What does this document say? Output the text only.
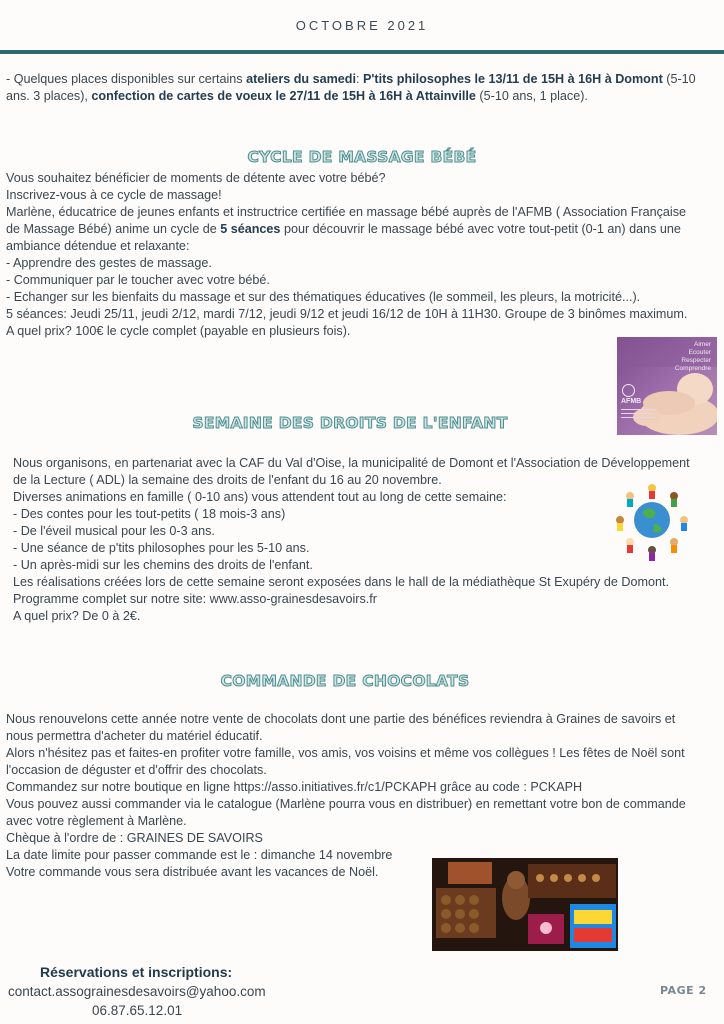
OCTOBRE 2021
- Quelques places disponibles sur certains ateliers du samedi: P'tits philosophes le 13/11 de 15H à 16H à Domont (5-10
ans. 3 places), confection de cartes de voeux le 27/11 de 15H à 16H à Attainville (5-10 ans, 1 place).
CYCLE DE MASSAGE BÉBÉ
Vous souhaitez bénéficier de moments de détente avec votre bébé?
Inscrivez-vous à ce cycle de massage!
Marlène, éducatrice de jeunes enfants et instructrice certifiée en massage bébé auprès de l'AFMB ( Association Française
de Massage Bébé) anime un cycle de 5 séances pour découvrir le massage bébé avec votre tout-petit (0-1 an) dans une
ambiance détendue et relaxante:
- Apprendre des gestes de massage.
- Communiquer par le toucher avec votre bébé.
- Echanger sur les bienfaits du massage et sur des thématiques éducatives (le sommeil, les pleurs, la motricité...).
5 séances: Jeudi 25/11, jeudi 2/12, mardi 7/12, jeudi 9/12 et jeudi 16/12 de 10H à 11H30. Groupe de 3 binômes maximum.
A quel prix? 100€ le cycle complet (payable en plusieurs fois).
Aimer
Ecouter
Respecter
Comprendre
AFMB
SEMAINE DES DROITS DE L'ENFANT
Nous organisons, en partenariat avec la CAF du Val d'Oise, la municipalité de Domont et l'Association de Développement
de la Lecture ( ADL) la semaine des droits de l'enfant du 16 au 20 novembre.
Diverses animations en famille ( 0-10 ans) vous attendent tout au long de cette semaine:
- Des contes pour les tout-petits ( 18 mois-3 ans)
- De l'éveil musical pour les 0-3 ans.
- Une séance de p'tits philosophes pour les 5-10 ans.
- Un après-midi sur les chemins des droits de l'enfant.
Les réalisations créées lors de cette semaine seront exposées dans le hall de la médiathèque St Exupéry de Domont.
Programme complet sur notre site: www.asso-grainesdesavoirs.fr
A quel prix? De 0 à 2€.
COMMANDE DE CHOCOLATS
Nous renouvelons cette année notre vente de chocolats dont une partie des bénéfices reviendra à Graines de savoirs et
nous permettra d'acheter du matériel éducatif.
Alors n'hésitez pas et faites-en profiter votre famille, vos amis, vos voisins et même vos collègues ! Les fêtes de Noël sont
l'occasion de déguster et d'offrir des chocolats.
Commandez sur notre boutique en ligne https://asso.initiatives.fr/c1/PCKAPH grâce au code : PCKAPH
Vous pouvez aussi commander via le catalogue (Marlène pourra vous en distribuer) en remettant votre bon de commande
avec votre règlement à Marlène.
Chèque à l'ordre de : GRAINES DE SAVOIRS
La date limite pour passer commande est le : dimanche 14 novembre
Votre commande vous sera distribuée avant les vacances de Noël.
Réservations et inscriptions:
contact.assograinesdesavoirs@yahoo.com
06.87.65.12.01
PAGE 2
